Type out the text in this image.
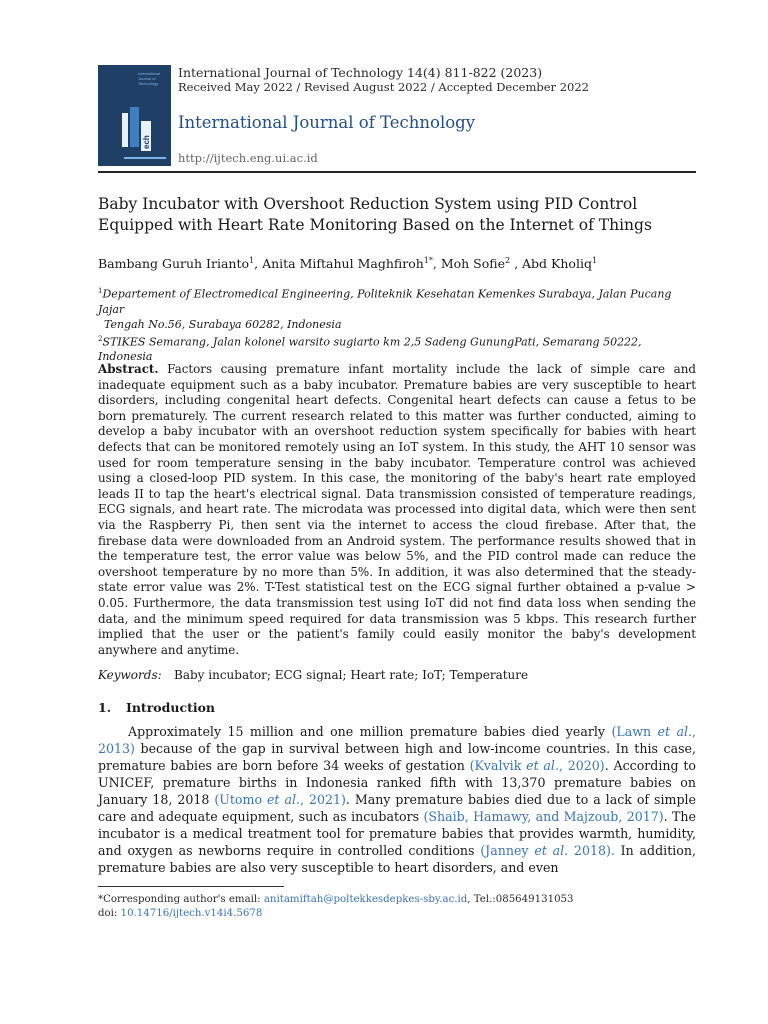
International Journal of Technology
ech
International Journal of Technology 14(4) 811-822 (2023)
Received May 2022 / Revised August 2022 / Accepted December 2022
International Journal of Technology
http://ijtech.eng.ui.ac.id
Baby Incubator with Overshoot Reduction System using PID Control Equipped with Heart Rate Monitoring Based on the Internet of Things
Bambang Guruh Irianto$^1$, Anita Miftahul Maghfiroh$^{1*}$, Moh Sofie$^2$ , Abd Kholiq$^1$
$^1$Departement of Electromedical Engineering, Politeknik Kesehatan Kemenkes Surabaya, Jalan Pucang Jajar
Tengah No.56, Surabaya 60282, Indonesia
$^2$STIKES Semarang, Jalan kolonel warsito sugiarto km 2,5 Sadeng GunungPati, Semarang 50222, Indonesia
Abstract. Factors causing premature infant mortality include the lack of simple care and inadequate equipment such as a baby incubator. Premature babies are very susceptible to heart disorders, including congenital heart defects. Congenital heart defects can cause a fetus to be born prematurely. The current research related to this matter was further conducted, aiming to develop a baby incubator with an overshoot reduction system specifically for babies with heart defects that can be monitored remotely using an IoT system. In this study, the AHT 10 sensor was used for room temperature sensing in the baby incubator. Temperature control was achieved using a closed-loop PID system. In this case, the monitoring of the baby's heart rate employed leads II to tap the heart's electrical signal. Data transmission consisted of temperature readings, ECG signals, and heart rate. The microdata was processed into digital data, which were then sent via the Raspberry Pi, then sent via the internet to access the cloud firebase. After that, the firebase data were downloaded from an Android system. The performance results showed that in the temperature test, the error value was below 5%, and the PID control made can reduce the overshoot temperature by no more than 5%. In addition, it was also determined that the steady-state error value was 2%. T-Test statistical test on the ECG signal further obtained a p-value > 0.05. Furthermore, the data transmission test using IoT did not find data loss when sending the data, and the minimum speed required for data transmission was 5 kbps. This research further implied that the user or the patient's family could easily monitor the baby's development anywhere and anytime.
Keywords: Baby incubator; ECG signal; Heart rate; IoT; Temperature
1. Introduction
Approximately 15 million and one million premature babies died yearly (Lawn et al., 2013) because of the gap in survival between high and low-income countries. In this case, premature babies are born before 34 weeks of gestation (Kvalvik et al., 2020). According to UNICEF, premature births in Indonesia ranked fifth with 13,370 premature babies on January 18, 2018 (Utomo et al., 2021). Many premature babies died due to a lack of simple care and adequate equipment, such as incubators (Shaib, Hamawy, and Majzoub, 2017). The incubator is a medical treatment tool for premature babies that provides warmth, humidity, and oxygen as newborns require in controlled conditions (Janney et al. 2018). In addition, premature babies are also very susceptible to heart disorders, and even
*Corresponding author's email: anitamiftah@poltekkesdepkes-sby.ac.id, Tel.:085649131053
doi: 10.14716/ijtech.v14i4.5678
